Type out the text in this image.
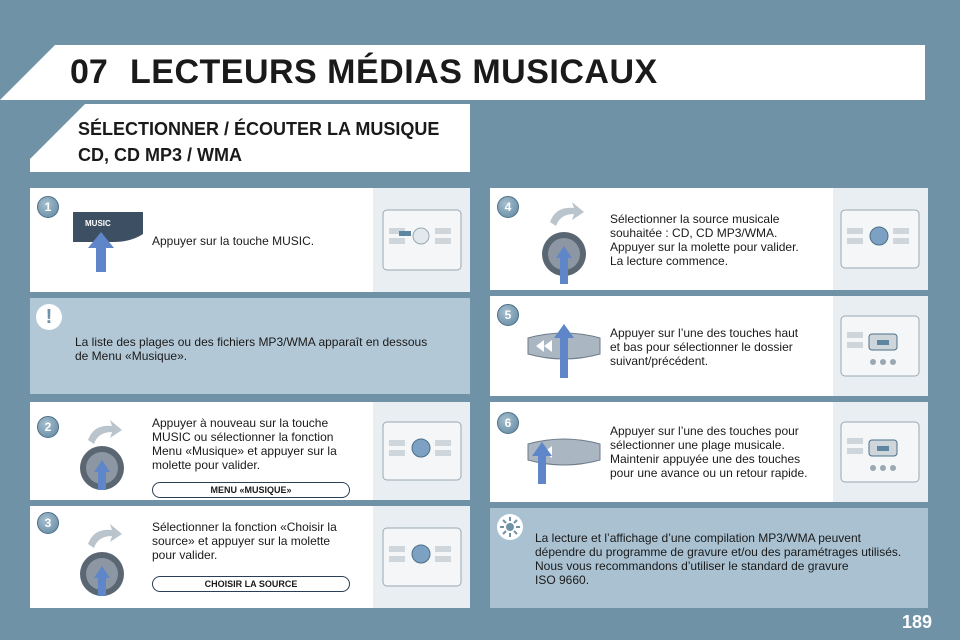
07 LECTEURS MÉDIAS MUSICAUX
SÉLECTIONNER / ÉCOUTER LA MUSIQUE
CD, CD MP3 / WMA
MUSIC
Appuyer sur la touche MUSIC.
1
!
La liste des plages ou des fichiers MP3/WMA apparaît en dessous
de Menu «Musique».
Appuyer à nouveau sur la touche
MUSIC ou sélectionner la fonction
Menu «Musique» et appuyer sur la
molette pour valider.
MENU «MUSIQUE»
2
Sélectionner la fonction «Choisir la
source» et appuyer sur la molette
pour valider.
CHOISIR LA SOURCE
3
Sélectionner la source musicale
souhaitée : CD, CD MP3/WMA.
Appuyer sur la molette pour valider.
La lecture commence.
4
Appuyer sur l’une des touches haut
et bas pour sélectionner le dossier
suivant/précédent.
5
Appuyer sur l’une des touches pour
sélectionner une plage musicale.
Maintenir appuyée une des touches
pour une avance ou un retour rapide.
6
La lecture et l’affichage d’une compilation MP3/WMA peuvent
dépendre du programme de gravure et/ou des paramétrages utilisés.
Nous vous recommandons d’utiliser le standard de gravure
ISO 9660.
189
